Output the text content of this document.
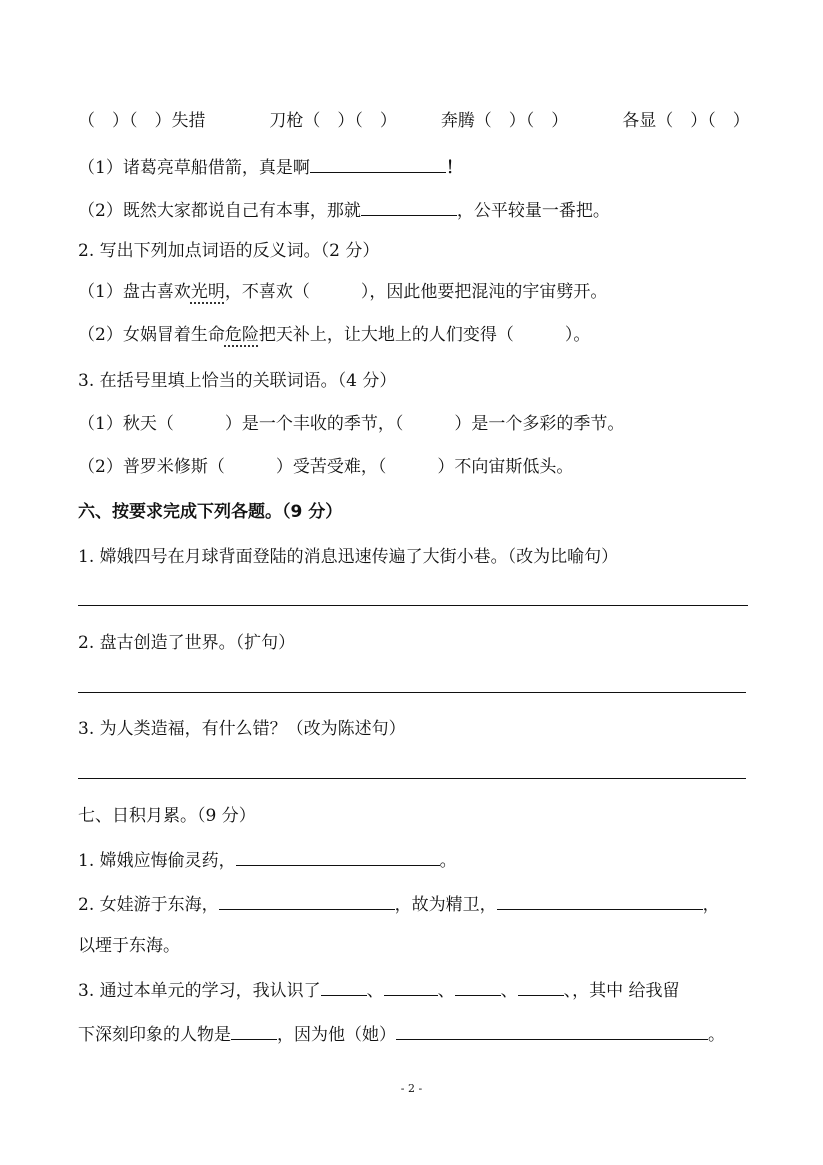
（　）（　）失措	刀枪（　）（　）	奔腾（　）（　）	各显（　）（　）
（1）诸葛亮草船借箭，真是啊	！
（2）既然大家都说自己有本事，那就	，公平较量一番把。
2. 写出下列加点词语的反义词。（2 分）
（1）盘古喜欢光明，不喜欢（　　　），因此他要把混沌的宇宙劈开。
（2）女娲冒着生命危险把天补上，让大地上的人们变得（　　　）。
3. 在括号里填上恰当的关联词语。（4 分）
（1）秋天（　　　）是一个丰收的季节，（　　　）是一个多彩的季节。
（2）普罗米修斯（　　　）受苦受难，（　　　）不向宙斯低头。
六、按要求完成下列各题。（9 分）
1. 嫦娥四号在月球背面登陆的消息迅速传遍了大街小巷。（改为比喻句）
2. 盘古创造了世界。（扩句）
3. 为人类造福，有什么错？（改为陈述句）
七、日积月累。（9 分）
1. 嫦娥应悔偷灵药，	。
2. 女娃游于东海，	，故为精卫，	，
以堙于东海。
3. 通过本单元的学习，我认识了	、	、	、	、，其中 给我留
下深刻印象的人物是	，因为他（她）	。
- 2 -
